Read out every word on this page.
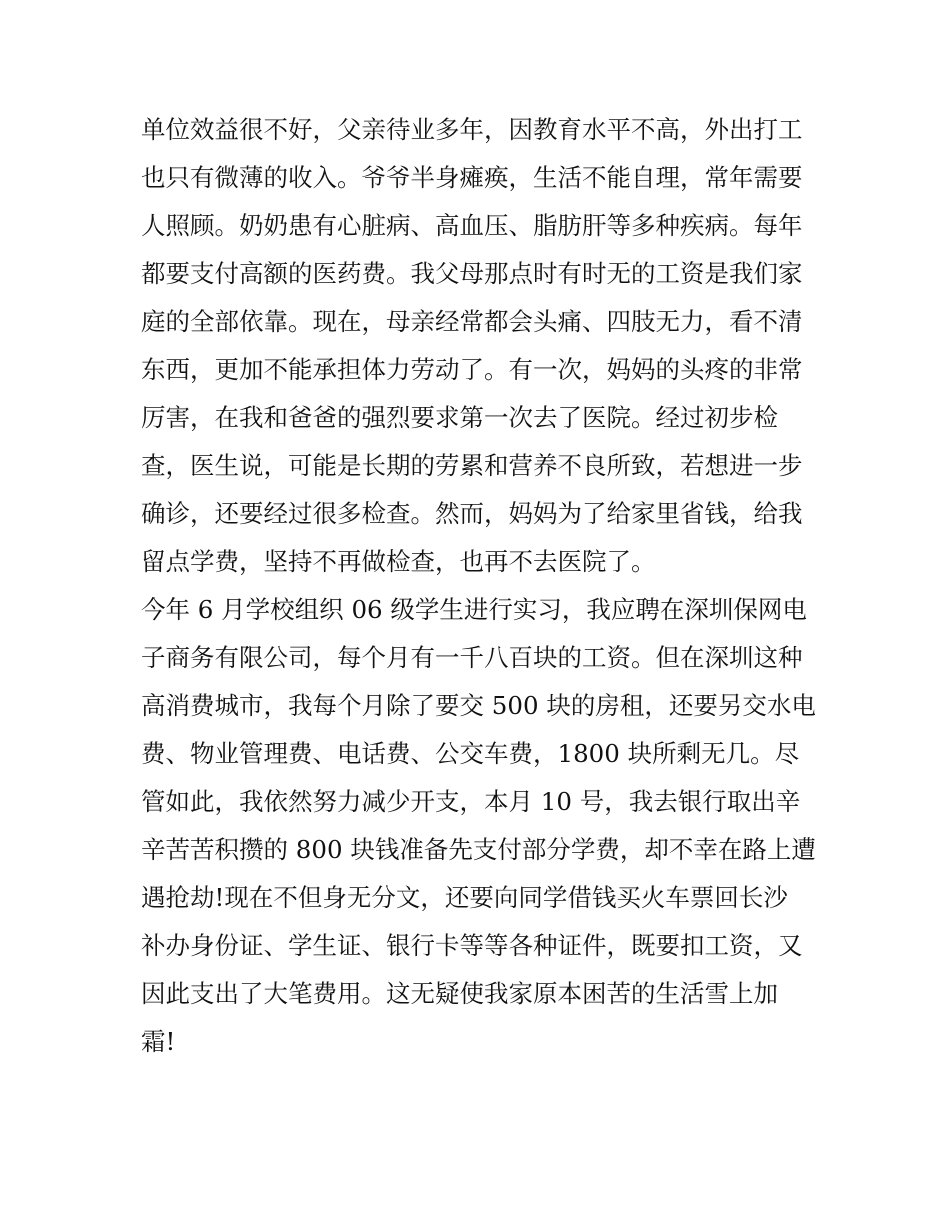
单位效益很不好，父亲待业多年，因教育水平不高，外出打工
也只有微薄的收入。爷爷半身瘫痪，生活不能自理，常年需要
人照顾。奶奶患有心脏病、高血压、脂肪肝等多种疾病。每年
都要支付高额的医药费。我父母那点时有时无的工资是我们家
庭的全部依靠。现在，母亲经常都会头痛、四肢无力，看不清
东西，更加不能承担体力劳动了。有一次，妈妈的头疼的非常
厉害，在我和爸爸的强烈要求第一次去了医院。经过初步检
查，医生说，可能是长期的劳累和营养不良所致，若想进一步
确诊，还要经过很多检查。然而，妈妈为了给家里省钱，给我
留点学费，坚持不再做检查，也再不去医院了。
今年 6 月学校组织 06 级学生进行实习，我应聘在深圳保网电
子商务有限公司，每个月有一千八百块的工资。但在深圳这种
高消费城市，我每个月除了要交 500 块的房租，还要另交水电
费、物业管理费、电话费、公交车费，1800 块所剩无几。尽
管如此，我依然努力减少开支，本月 10 号，我去银行取出辛
辛苦苦积攒的 800 块钱准备先支付部分学费，却不幸在路上遭
遇抢劫!现在不但身无分文，还要向同学借钱买火车票回长沙
补办身份证、学生证、银行卡等等各种证件，既要扣工资，又
因此支出了大笔费用。这无疑使我家原本困苦的生活雪上加
霜!
